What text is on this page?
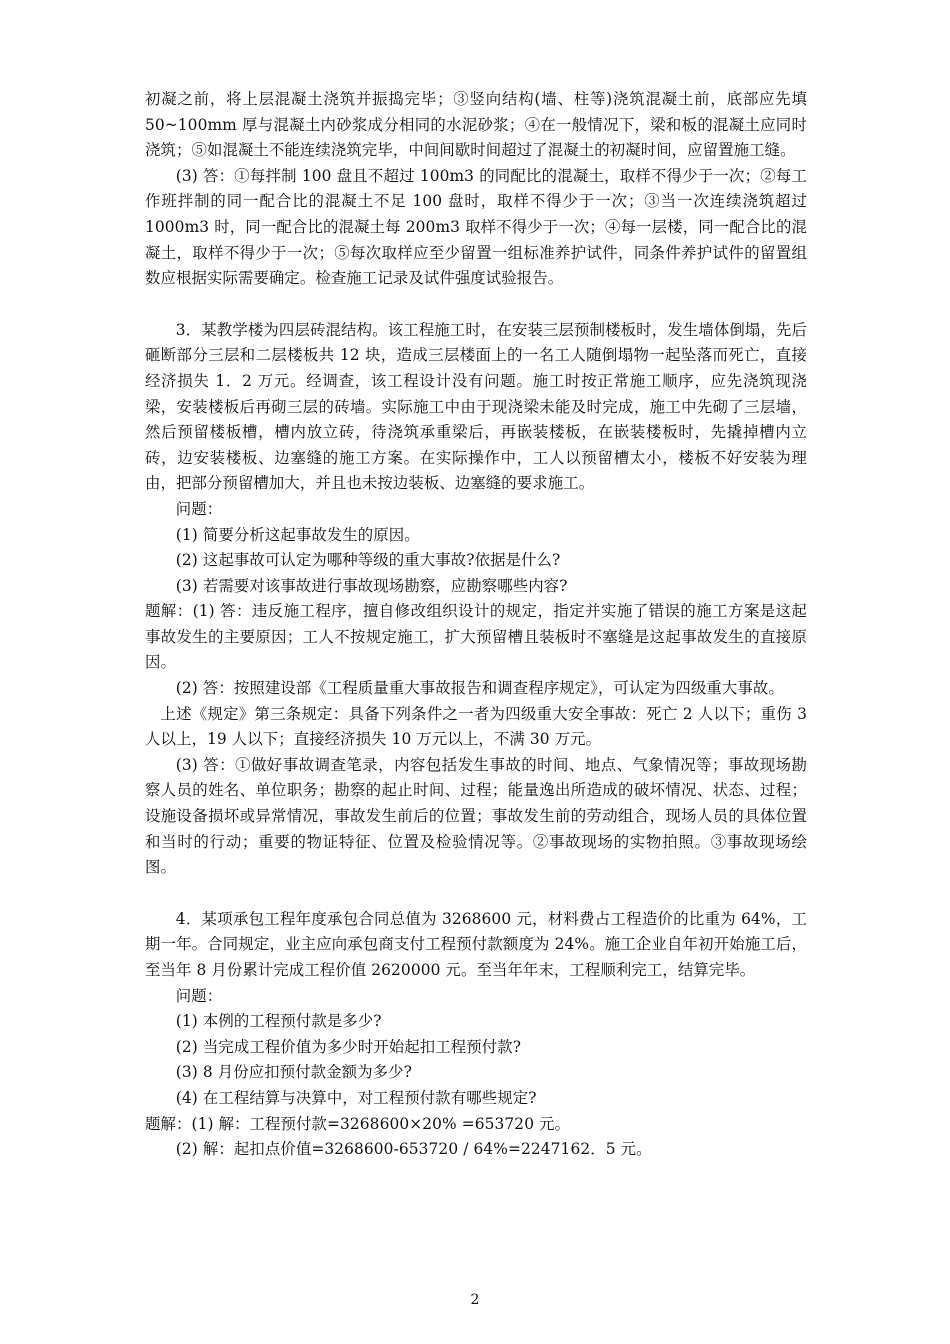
初凝之前，将上层混凝土浇筑并振捣完毕；③竖向结构(墙、柱等)浇筑混凝土前，底部应先填 50~100mm 厚与混凝土内砂浆成分相同的水泥砂浆；④在一般情况下，梁和板的混凝土应同时浇筑；⑤如混凝土不能连续浇筑完毕，中间间歇时间超过了混凝土的初凝时间，应留置施工缝。

(3) 答：①每拌制 100 盘且不超过 100m3 的同配比的混凝土，取样不得少于一次；②每工作班拌制的同一配合比的混凝土不足 100 盘时，取样不得少于一次；③当一次连续浇筑超过 1000m3 时，同一配合比的混凝土每 200m3 取样不得少于一次；④每一层楼，同一配合比的混凝土，取样不得少于一次；⑤每次取样应至少留置一组标准养护试件，同条件养护试件的留置组数应根据实际需要确定。检查施工记录及试件强度试验报告。

3．某教学楼为四层砖混结构。该工程施工时，在安装三层预制楼板时，发生墙体倒塌，先后砸断部分三层和二层楼板共 12 块，造成三层楼面上的一名工人随倒塌物一起坠落而死亡，直接经济损失 1．2 万元。经调查，该工程设计没有问题。施工时按正常施工顺序，应先浇筑现浇梁，安装楼板后再砌三层的砖墙。实际施工中由于现浇梁未能及时完成，施工中先砌了三层墙，然后预留楼板槽，槽内放立砖，待浇筑承重梁后，再嵌装楼板，在嵌装楼板时，先撬掉槽内立砖，边安装楼板、边塞缝的施工方案。在实际操作中，工人以预留槽太小，楼板不好安装为理由，把部分预留槽加大，并且也未按边装板、边塞缝的要求施工。

问题：

(1) 简要分析这起事故发生的原因。

(2) 这起事故可认定为哪种等级的重大事故?依据是什么?

(3) 若需要对该事故进行事故现场勘察，应勘察哪些内容?

题解：(1) 答：违反施工程序，擅自修改组织设计的规定，指定并实施了错误的施工方案是这起事故发生的主要原因；工人不按规定施工，扩大预留槽且装板时不塞缝是这起事故发生的直接原因。

(2) 答：按照建设部《工程质量重大事故报告和调查程序规定》，可认定为四级重大事故。

上述《规定》第三条规定：具备下列条件之一者为四级重大安全事故：死亡 2 人以下；重伤 3 人以上，19 人以下；直接经济损失 10 万元以上，不满 30 万元。

(3) 答：①做好事故调查笔录，内容包括发生事故的时间、地点、气象情况等；事故现场勘察人员的姓名、单位职务；勘察的起止时间、过程；能量逸出所造成的破坏情况、状态、过程；设施设备损坏或异常情况，事故发生前后的位置；事故发生前的劳动组合，现场人员的具体位置和当时的行动；重要的物证特征、位置及检验情况等。②事故现场的实物拍照。③事故现场绘图。

4．某项承包工程年度承包合同总值为 3268600 元，材料费占工程造价的比重为 64%，工期一年。合同规定，业主应向承包商支付工程预付款额度为 24%。施工企业自年初开始施工后，至当年 8 月份累计完成工程价值 2620000 元。至当年年末，工程顺利完工，结算完毕。

问题：

(1) 本例的工程预付款是多少?

(2) 当完成工程价值为多少时开始起扣工程预付款?

(3) 8 月份应扣预付款金额为多少?

(4) 在工程结算与决算中，对工程预付款有哪些规定?

题解：(1) 解：工程预付款=3268600×20% =653720 元。

(2) 解：起扣点价值=3268600-653720 / 64%=2247162．5 元。

2
